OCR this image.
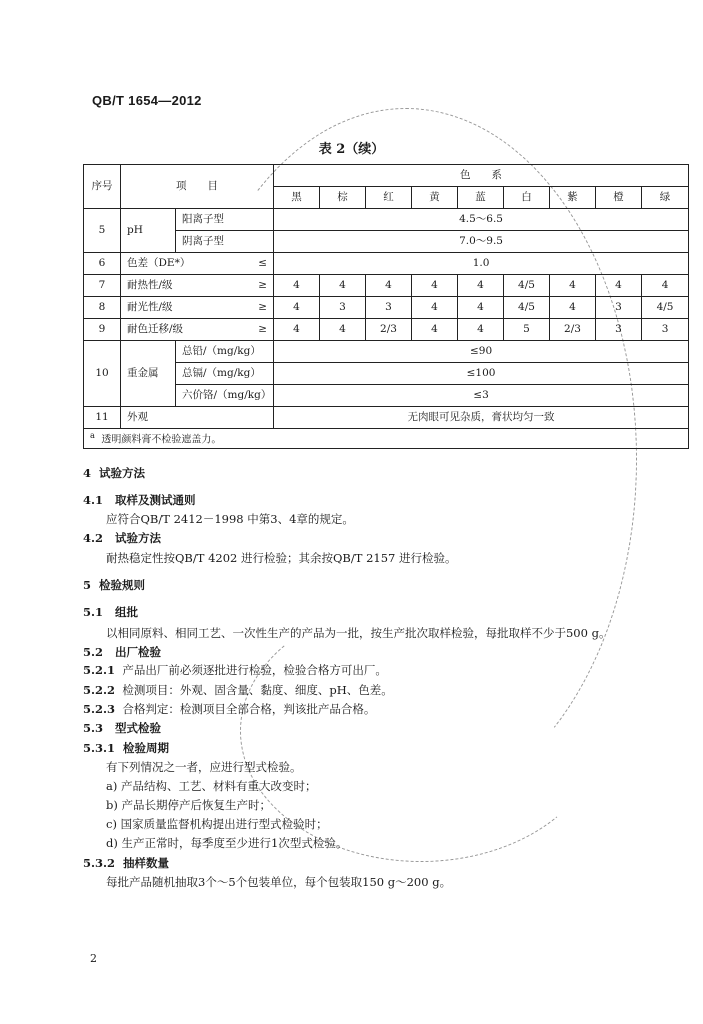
QB/T 1654—2012
表 2（续）
序号	项　　目		色　　系								
			黑	棕	红	黄	蓝	白	紫	橙	绿
5	pH	阳离子型	4.5～6.5								
		阴离子型	7.0～9.5								
6	色差（DE*） ≤		1.0								
7	耐热性/级 ≥		4	4	4	4	4	4/5	4	4	4
8	耐光性/级 ≥		4	3	3	4	4	4/5	4	3	4/5
9	耐色迁移/级 ≥		4	4	2/3	4	4	5	2/3	3	3
10	重金属	总铅/（mg/kg）	≤90								
		总镉/（mg/kg）	≤100								
		六价铬/（mg/kg）	≤3								
11	外观		无肉眼可见杂质，膏状均匀一致								
$^a$ 透明颜料膏不检验遮盖力。											
4 试验方法
4.1 取样及测试通则
应符合QB/T 2412－1998 中第3、4章的规定。
4.2 试验方法
耐热稳定性按QB/T 4202 进行检验；其余按QB/T 2157 进行检验。
5 检验规则
5.1 组批
以相同原料、相同工艺、一次性生产的产品为一批，按生产批次取样检验，每批取样不少于500 g。
5.2 出厂检验
5.2.1 产品出厂前必须逐批进行检验，检验合格方可出厂。
5.2.2 检测项目：外观、固含量、黏度、细度、pH、色差。
5.2.3 合格判定：检测项目全部合格，判该批产品合格。
5.3 型式检验
5.3.1 检验周期
有下列情况之一者，应进行型式检验。
a) 产品结构、工艺、材料有重大改变时；
b) 产品长期停产后恢复生产时；
c) 国家质量监督机构提出进行型式检验时；
d) 生产正常时，每季度至少进行1次型式检验。
5.3.2 抽样数量
每批产品随机抽取3个～5个包装单位，每个包装取150 g～200 g。
2
